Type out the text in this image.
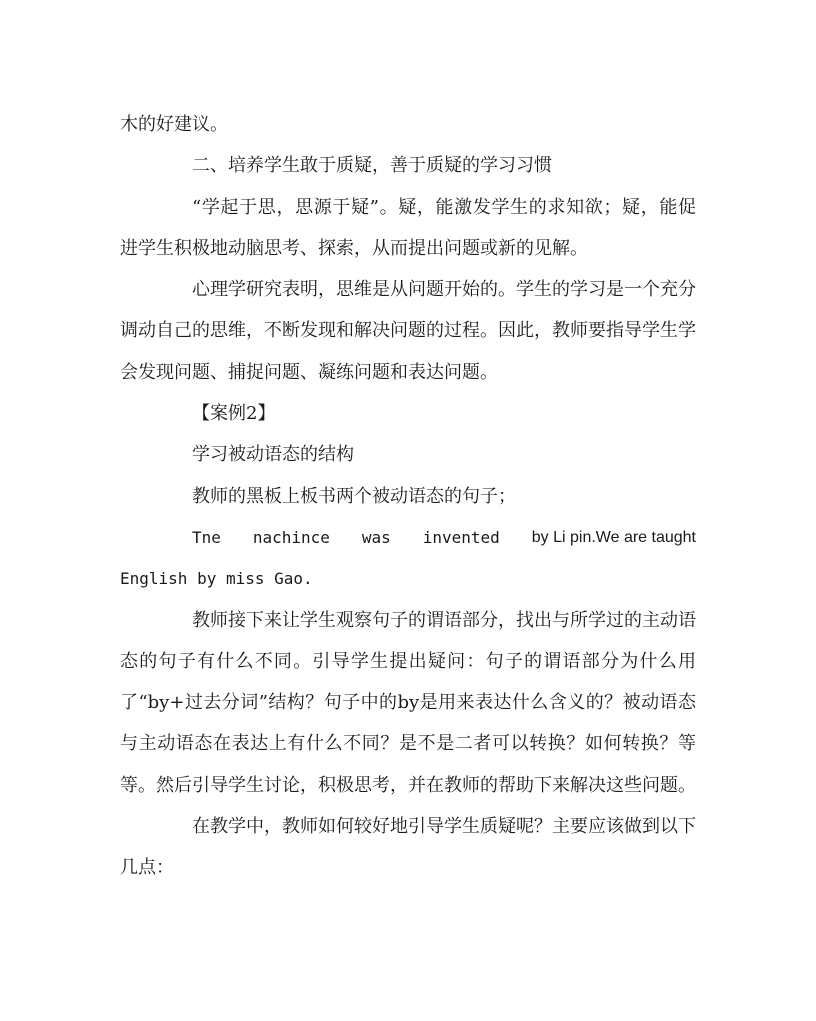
木的好建议。

二、培养学生敢于质疑，善于质疑的学习习惯

“学起于思，思源于疑”。疑，能激发学生的求知欲；疑，能促进学生积极地动脑思考、探索，从而提出问题或新的见解。

心理学研究表明，思维是从问题开始的。学生的学习是一个充分调动自己的思维，不断发现和解决问题的过程。因此，教师要指导学生学会发现问题、捕捉问题、凝练问题和表达问题。

【案例2】

学习被动语态的结构

教师的黑板上板书两个被动语态的句子；

Tne nachince was invented by Li pin.We are taught
English by miss Gao.

教师接下来让学生观察句子的谓语部分，找出与所学过的主动语态的句子有什么不同。引导学生提出疑问：句子的谓语部分为什么用了“by+过去分词”结构？句子中的by是用来表达什么含义的？被动语态与主动语态在表达上有什么不同？是不是二者可以转换？如何转换？等等。然后引导学生讨论，积极思考，并在教师的帮助下来解决这些问题。

在教学中，教师如何较好地引导学生质疑呢？主要应该做到以下几点：
